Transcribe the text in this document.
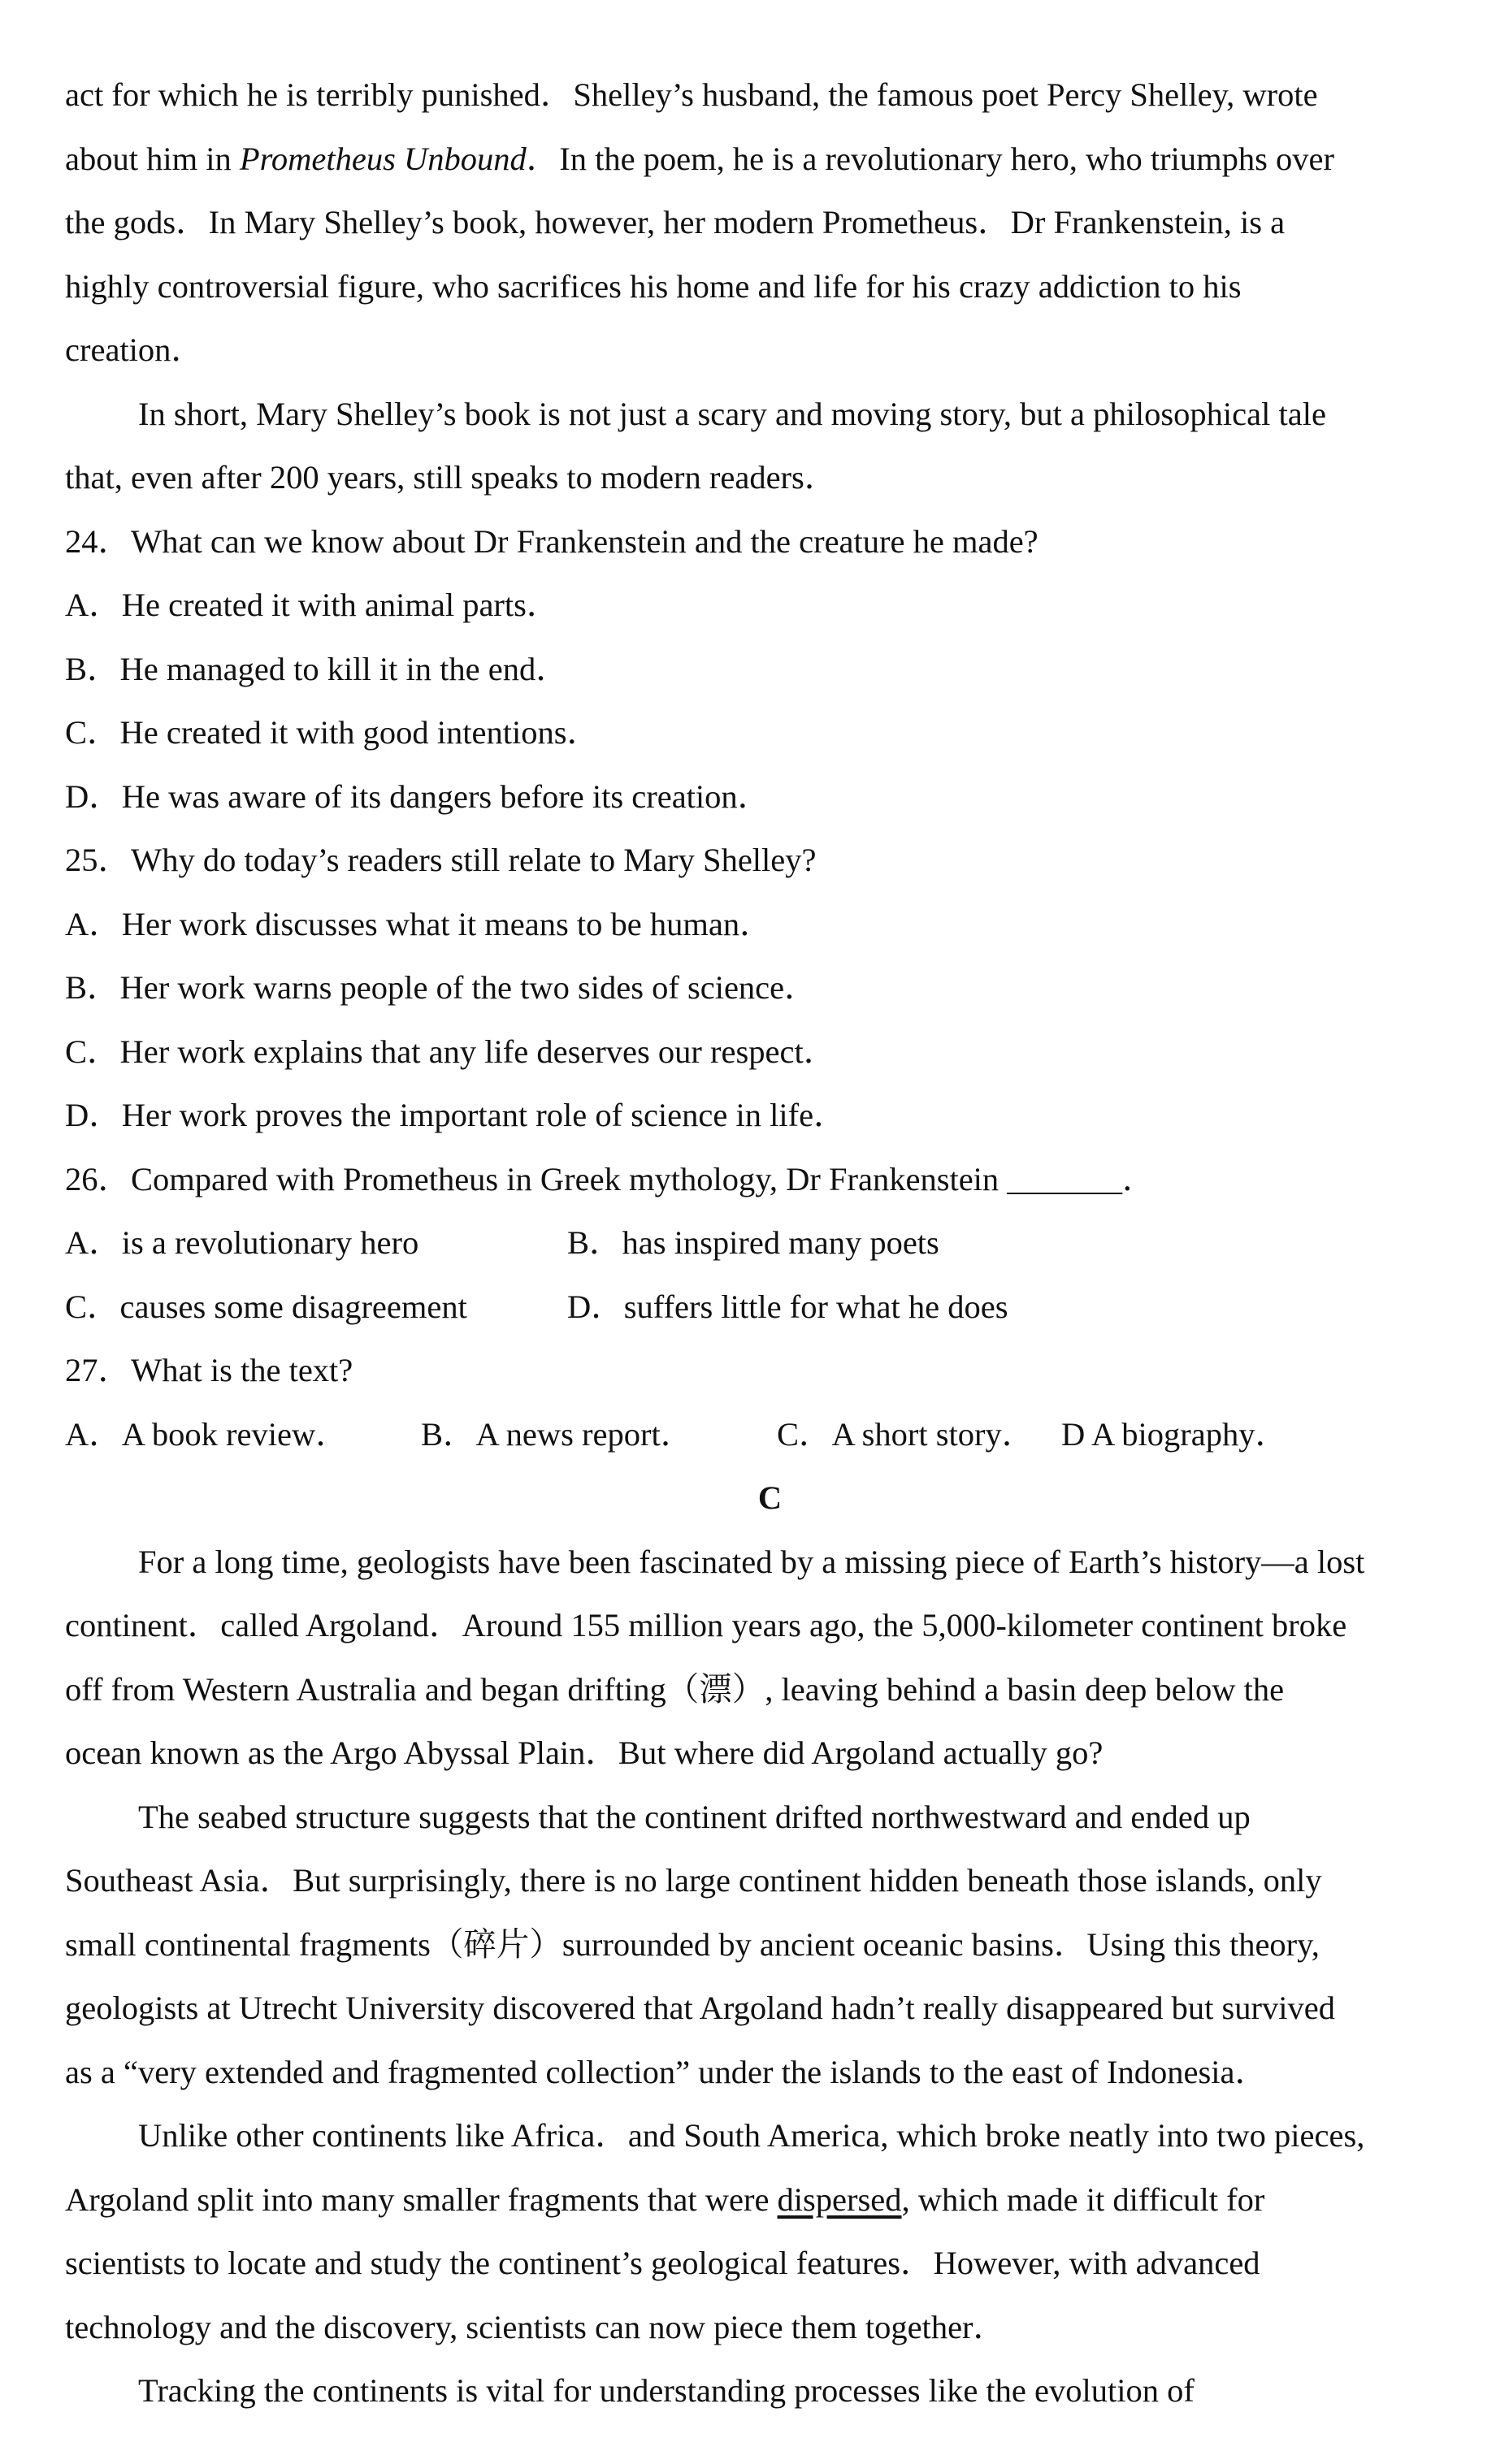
act for which he is terribly punished．Shelley’s husband, the famous poet Percy Shelley, wrote
about him in Prometheus Unbound．In the poem, he is a revolutionary hero, who triumphs over
the gods．In Mary Shelley’s book, however, her modern Prometheus．Dr Frankenstein, is a
highly controversial figure, who sacrifices his home and life for his crazy addiction to his
creation．
In short, Mary Shelley’s book is not just a scary and moving story, but a philosophical tale
that, even after 200 years, still speaks to modern readers．
24．What can we know about Dr Frankenstein and the creature he made?
A．He created it with animal parts．
B．He managed to kill it in the end．
C．He created it with good intentions．
D．He was aware of its dangers before its creation．
25．Why do today’s readers still relate to Mary Shelley?
A．Her work discusses what it means to be human．
B．Her work warns people of the two sides of science．
C．Her work explains that any life deserves our respect．
D．Her work proves the important role of science in life．
26．Compared with Prometheus in Greek mythology, Dr Frankenstein _______．
A．is a revolutionary hero	B．has inspired many poets
C．causes some disagreement	D．suffers little for what he does
27．What is the text?
A．A book review． B．A news report．	C．A short story． D A biography．
C
For a long time, geologists have been fascinated by a missing piece of Earth’s history—a lost
continent．called Argoland．Around 155 million years ago, the 5,000-kilometer continent broke
off from Western Australia and began drifting（漂）, leaving behind a basin deep below the
ocean known as the Argo Abyssal Plain．But where did Argoland actually go?
The seabed structure suggests that the continent drifted northwestward and ended up
Southeast Asia．But surprisingly, there is no large continent hidden beneath those islands, only
small continental fragments（碎片）surrounded by ancient oceanic basins．Using this theory,
geologists at Utrecht University discovered that Argoland hadn’t really disappeared but survived
as a “very extended and fragmented collection” under the islands to the east of Indonesia．
Unlike other continents like Africa．and South America, which broke neatly into two pieces,
Argoland split into many smaller fragments that were dispersed, which made it difficult for
scientists to locate and study the continent’s geological features．However, with advanced
technology and the discovery, scientists can now piece them together．
Tracking the continents is vital for understanding processes like the evolution of
